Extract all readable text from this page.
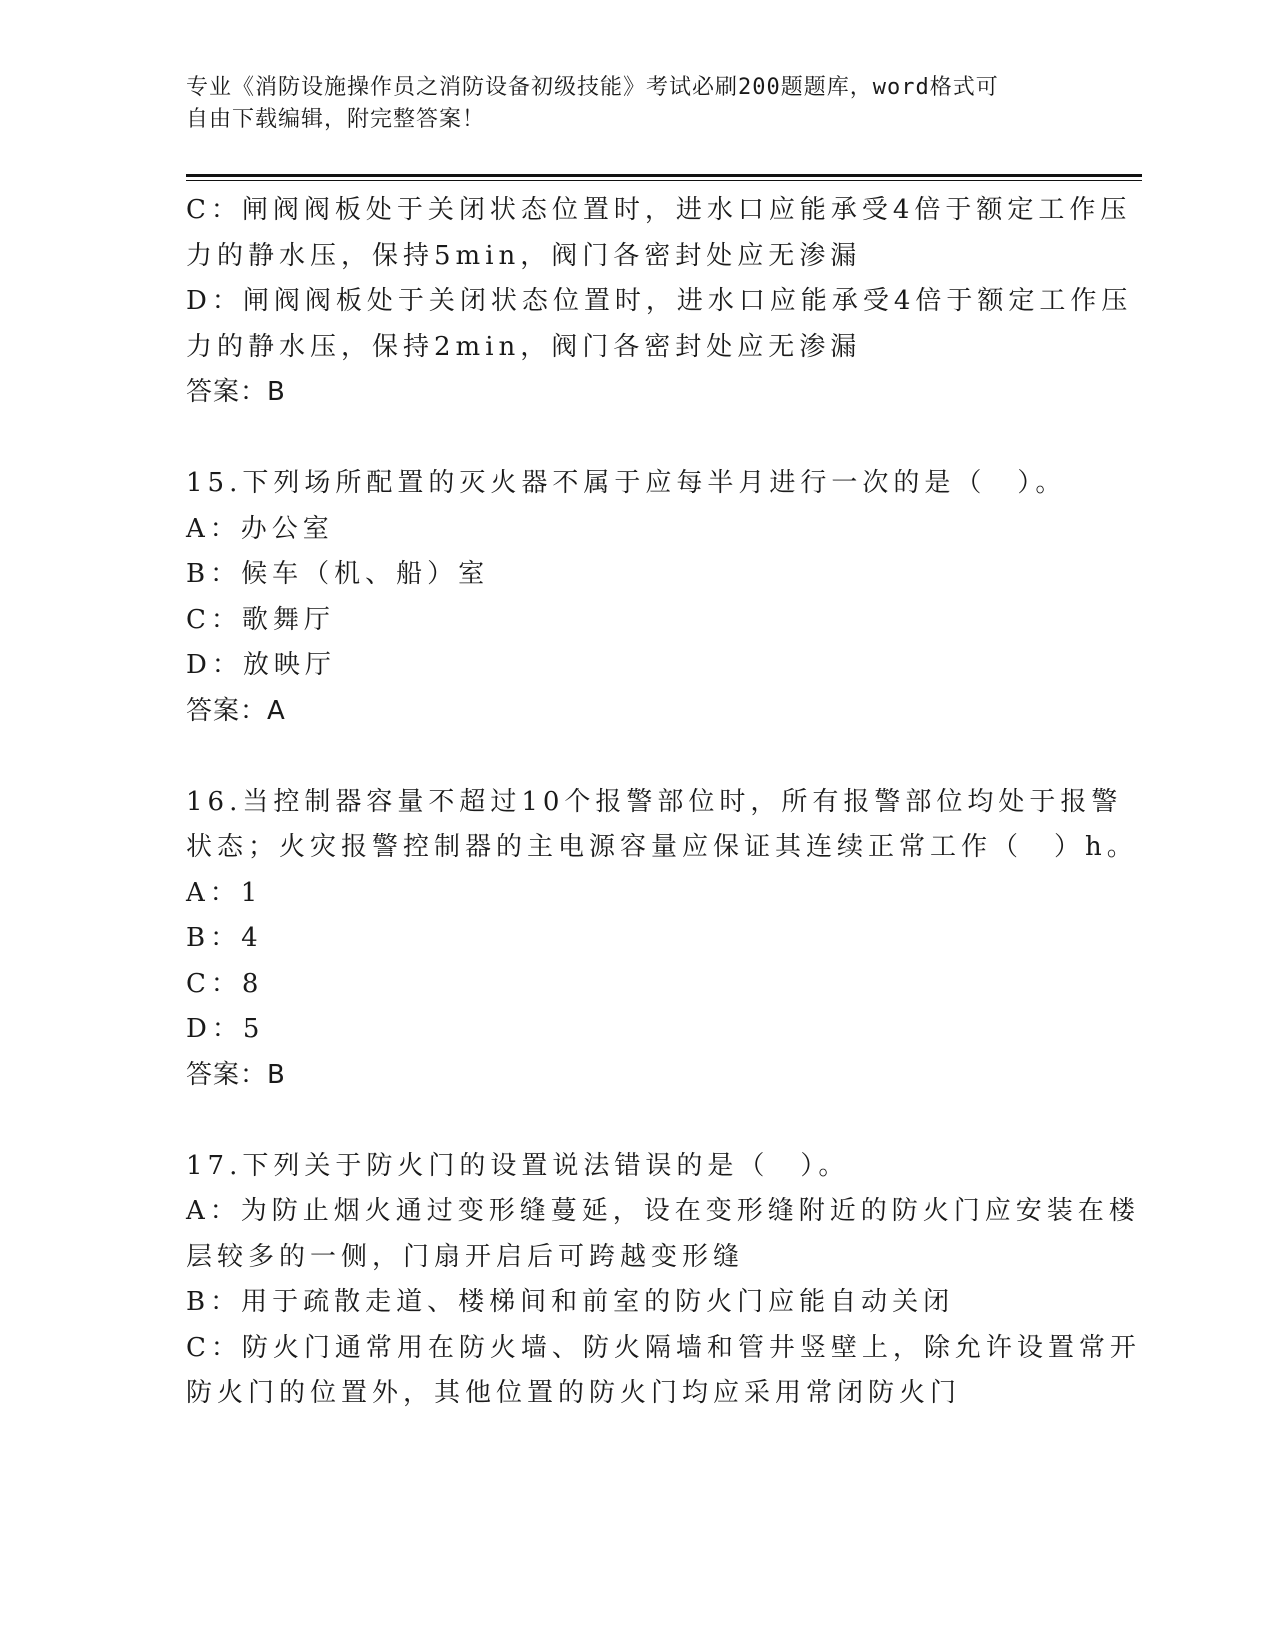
专业《消防设施操作员之消防设备初级技能》考试必刷200题题库，word格式可
自由下载编辑，附完整答案！
C：闸阀阀板处于关闭状态位置时，进水口应能承受4倍于额定工作压
力的静水压，保持5min，阀门各密封处应无渗漏
D：闸阀阀板处于关闭状态位置时，进水口应能承受4倍于额定工作压
力的静水压，保持2min，阀门各密封处应无渗漏
答案：B
15.下列场所配置的灭火器不属于应每半月进行一次的是（　）。
A：办公室
B：候车（机、船）室
C：歌舞厅
D：放映厅
答案：A
16.当控制器容量不超过10个报警部位时，所有报警部位均处于报警
状态；火灾报警控制器的主电源容量应保证其连续正常工作（　）h。
A：1
B：4
C：8
D：5
答案：B
17.下列关于防火门的设置说法错误的是（　）。
A：为防止烟火通过变形缝蔓延，设在变形缝附近的防火门应安装在楼
层较多的一侧，门扇开启后可跨越变形缝
B：用于疏散走道、楼梯间和前室的防火门应能自动关闭
C：防火门通常用在防火墙、防火隔墙和管井竖壁上，除允许设置常开
防火门的位置外，其他位置的防火门均应采用常闭防火门
